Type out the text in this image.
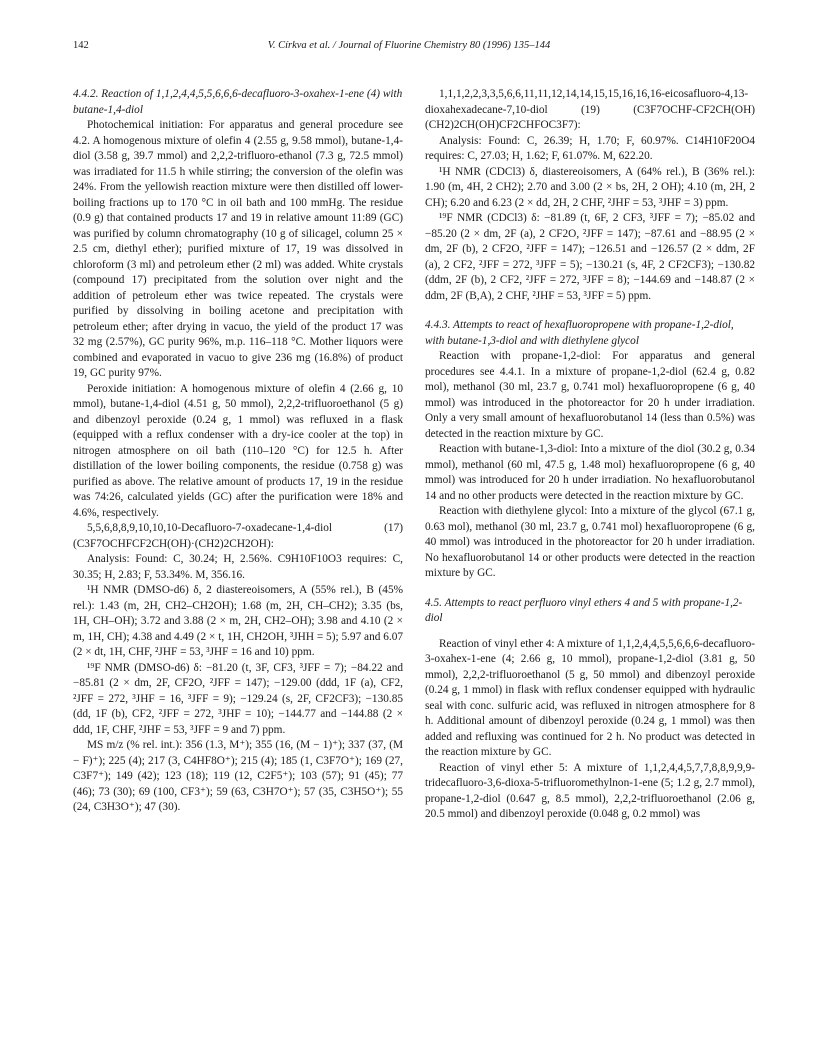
142	V. Církva et al. / Journal of Fluorine Chemistry 80 (1996) 135–144
4.4.2. Reaction of 1,1,2,4,4,5,5,6,6,6-decafluoro-3-oxahex-1-ene (4) with butane-1,4-diol

Photochemical initiation: For apparatus and general procedure see 4.2. A homogenous mixture of olefin 4 (2.55 g, 9.58 mmol), butane-1,4-diol (3.58 g, 39.7 mmol) and 2,2,2-trifluoro-ethanol (7.3 g, 72.5 mmol) was irradiated for 11.5 h while stirring; the conversion of the olefin was 24%. From the yellowish reaction mixture were then distilled off lower-boiling fractions up to 170 °C in oil bath and 100 mmHg. The residue (0.9 g) that contained products 17 and 19 in relative amount 11:89 (GC) was purified by column chromatography (10 g of silicagel, column 25 × 2.5 cm, diethyl ether); purified mixture of 17, 19 was dissolved in chloroform (3 ml) and petroleum ether (2 ml) was added. White crystals (compound 17) precipitated from the solution over night and the addition of petroleum ether was twice repeated. The crystals were purified by dissolving in boiling acetone and precipitation with petroleum ether; after drying in vacuo, the yield of the product 17 was 32 mg (2.57%), GC purity 96%, m.p. 116–118 °C. Mother liquors were combined and evaporated in vacuo to give 236 mg (16.8%) of product 19, GC purity 97%.

Peroxide initiation: A homogenous mixture of olefin 4 (2.66 g, 10 mmol), butane-1,4-diol (4.51 g, 50 mmol), 2,2,2-trifluoroethanol (5 g) and dibenzoyl peroxide (0.24 g, 1 mmol) was refluxed in a flask (equipped with a reflux condenser with a dry-ice cooler at the top) in nitrogen atmosphere on oil bath (110–120 °C) for 12.5 h. After distillation of the lower boiling components, the residue (0.758 g) was purified as above. The relative amount of products 17, 19 in the residue was 74:26, calculated yields (GC) after the purification were 18% and 4.6%, respectively.

5,5,6,8,8,9,10,10,10-Decafluoro-7-oxadecane-1,4-diol (17) (C3F7OCHFCF2CH(OH)·(CH2)2CH2OH):

Analysis: Found: C, 30.24; H, 2.56%. C9H10F10O3 requires: C, 30.35; H, 2.83; F, 53.34%. M, 356.16.

¹H NMR (DMSO-d6) δ, 2 diastereoisomers, A (55% rel.), B (45% rel.): 1.43 (m, 2H, CH2–CH2OH); 1.68 (m, 2H, CH–CH2); 3.35 (bs, 1H, CH–OH); 3.72 and 3.88 (2 × m, 2H, CH2–OH); 3.98 and 4.10 (2 × m, 1H, CH); 4.38 and 4.49 (2 × t, 1H, CH2OH, ³JHH = 5); 5.97 and 6.07 (2 × dt, 1H, CHF, ²JHF = 53, ³JHF = 16 and 10) ppm.

¹⁹F NMR (DMSO-d6) δ: −81.20 (t, 3F, CF3, ³JFF = 7); −84.22 and −85.81 (2 × dm, 2F, CF2O, ²JFF = 147); −129.00 (ddd, 1F (a), CF2, ²JFF = 272, ³JHF = 16, ³JFF = 9); −129.24 (s, 2F, CF2CF3); −130.85 (dd, 1F (b), CF2, ²JFF = 272, ³JHF = 10); −144.77 and −144.88 (2 × ddd, 1F, CHF, ²JHF = 53, ³JFF = 9 and 7) ppm.

MS m/z (% rel. int.): 356 (1.3, M⁺); 355 (16, (M − 1)⁺); 337 (37, (M − F)⁺); 225 (4); 217 (3, C4HF8O⁺); 215 (4); 185 (1, C3F7O⁺); 169 (27, C3F7⁺); 149 (42); 123 (18); 119 (12, C2F5⁺); 103 (57); 91 (45); 77 (46); 73 (30); 69 (100, CF3⁺); 59 (63, C3H7O⁺); 57 (35, C3H5O⁺); 55 (24, C3H3O⁺); 47 (30).

1,1,1,2,2,3,3,5,6,6,11,11,12,14,14,15,15,16,16,16-eicosafluoro-4,13-dioxahexadecane-7,10-diol (19) (C3F7OCHF-CF2CH(OH)(CH2)2CH(OH)CF2CHFOC3F7):

Analysis: Found: C, 26.39; H, 1.70; F, 60.97%. C14H10F20O4 requires: C, 27.03; H, 1.62; F, 61.07%. M, 622.20.

¹H NMR (CDCl3) δ, diastereoisomers, A (64% rel.), B (36% rel.): 1.90 (m, 4H, 2 CH2); 2.70 and 3.00 (2 × bs, 2H, 2 OH); 4.10 (m, 2H, 2 CH); 6.20 and 6.23 (2 × dd, 2H, 2 CHF, ²JHF = 53, ³JHF = 3) ppm.

¹⁹F NMR (CDCl3) δ: −81.89 (t, 6F, 2 CF3, ³JFF = 7); −85.02 and −85.20 (2 × dm, 2F (a), 2 CF2O, ²JFF = 147); −87.61 and −88.95 (2 × dm, 2F (b), 2 CF2O, ²JFF = 147); −126.51 and −126.57 (2 × ddm, 2F (a), 2 CF2, ²JFF = 272, ³JFF = 5); −130.21 (s, 4F, 2 CF2CF3); −130.82 (ddm, 2F (b), 2 CF2, ²JFF = 272, ³JFF = 8); −144.69 and −148.87 (2 × ddm, 2F (B,A), 2 CHF, ²JHF = 53, ³JFF = 5) ppm.

4.4.3. Attempts to react of hexafluoropropene with propane-1,2-diol, with butane-1,3-diol and with diethylene glycol

Reaction with propane-1,2-diol: For apparatus and general procedures see 4.4.1. In a mixture of propane-1,2-diol (62.4 g, 0.82 mol), methanol (30 ml, 23.7 g, 0.741 mol) hexafluoropropene (6 g, 40 mmol) was introduced in the photoreactor for 20 h under irradiation. Only a very small amount of hexafluorobutanol 14 (less than 0.5%) was detected in the reaction mixture by GC.

Reaction with butane-1,3-diol: Into a mixture of the diol (30.2 g, 0.34 mmol), methanol (60 ml, 47.5 g, 1.48 mol) hexafluoropropene (6 g, 40 mmol) was introduced for 20 h under irradiation. No hexafluorobutanol 14 and no other products were detected in the reaction mixture by GC.

Reaction with diethylene glycol: Into a mixture of the glycol (67.1 g, 0.63 mol), methanol (30 ml, 23.7 g, 0.741 mol) hexafluoropropene (6 g, 40 mmol) was introduced in the photoreactor for 20 h under irradiation. No hexafluorobutanol 14 or other products were detected in the reaction mixture by GC.

4.5. Attempts to react perfluoro vinyl ethers 4 and 5 with propane-1,2-diol

Reaction of vinyl ether 4: A mixture of 1,1,2,4,4,5,5,6,6,6-decafluoro-3-oxahex-1-ene (4; 2.66 g, 10 mmol), propane-1,2-diol (3.81 g, 50 mmol), 2,2,2-trifluoroethanol (5 g, 50 mmol) and dibenzoyl peroxide (0.24 g, 1 mmol) in flask with reflux condenser equipped with hydraulic seal with conc. sulfuric acid, was refluxed in nitrogen atmosphere for 8 h. Additional amount of dibenzoyl peroxide (0.24 g, 1 mmol) was then added and refluxing was continued for 2 h. No product was detected in the reaction mixture by GC.

Reaction of vinyl ether 5: A mixture of 1,1,2,4,4,5,7,7,8,8,9,9,9-tridecafluoro-3,6-dioxa-5-trifluoromethylnon-1-ene (5; 1.2 g, 2.7 mmol), propane-1,2-diol (0.647 g, 8.5 mmol), 2,2,2-trifluoroethanol (2.06 g, 20.5 mmol) and dibenzoyl peroxide (0.048 g, 0.2 mmol) was
